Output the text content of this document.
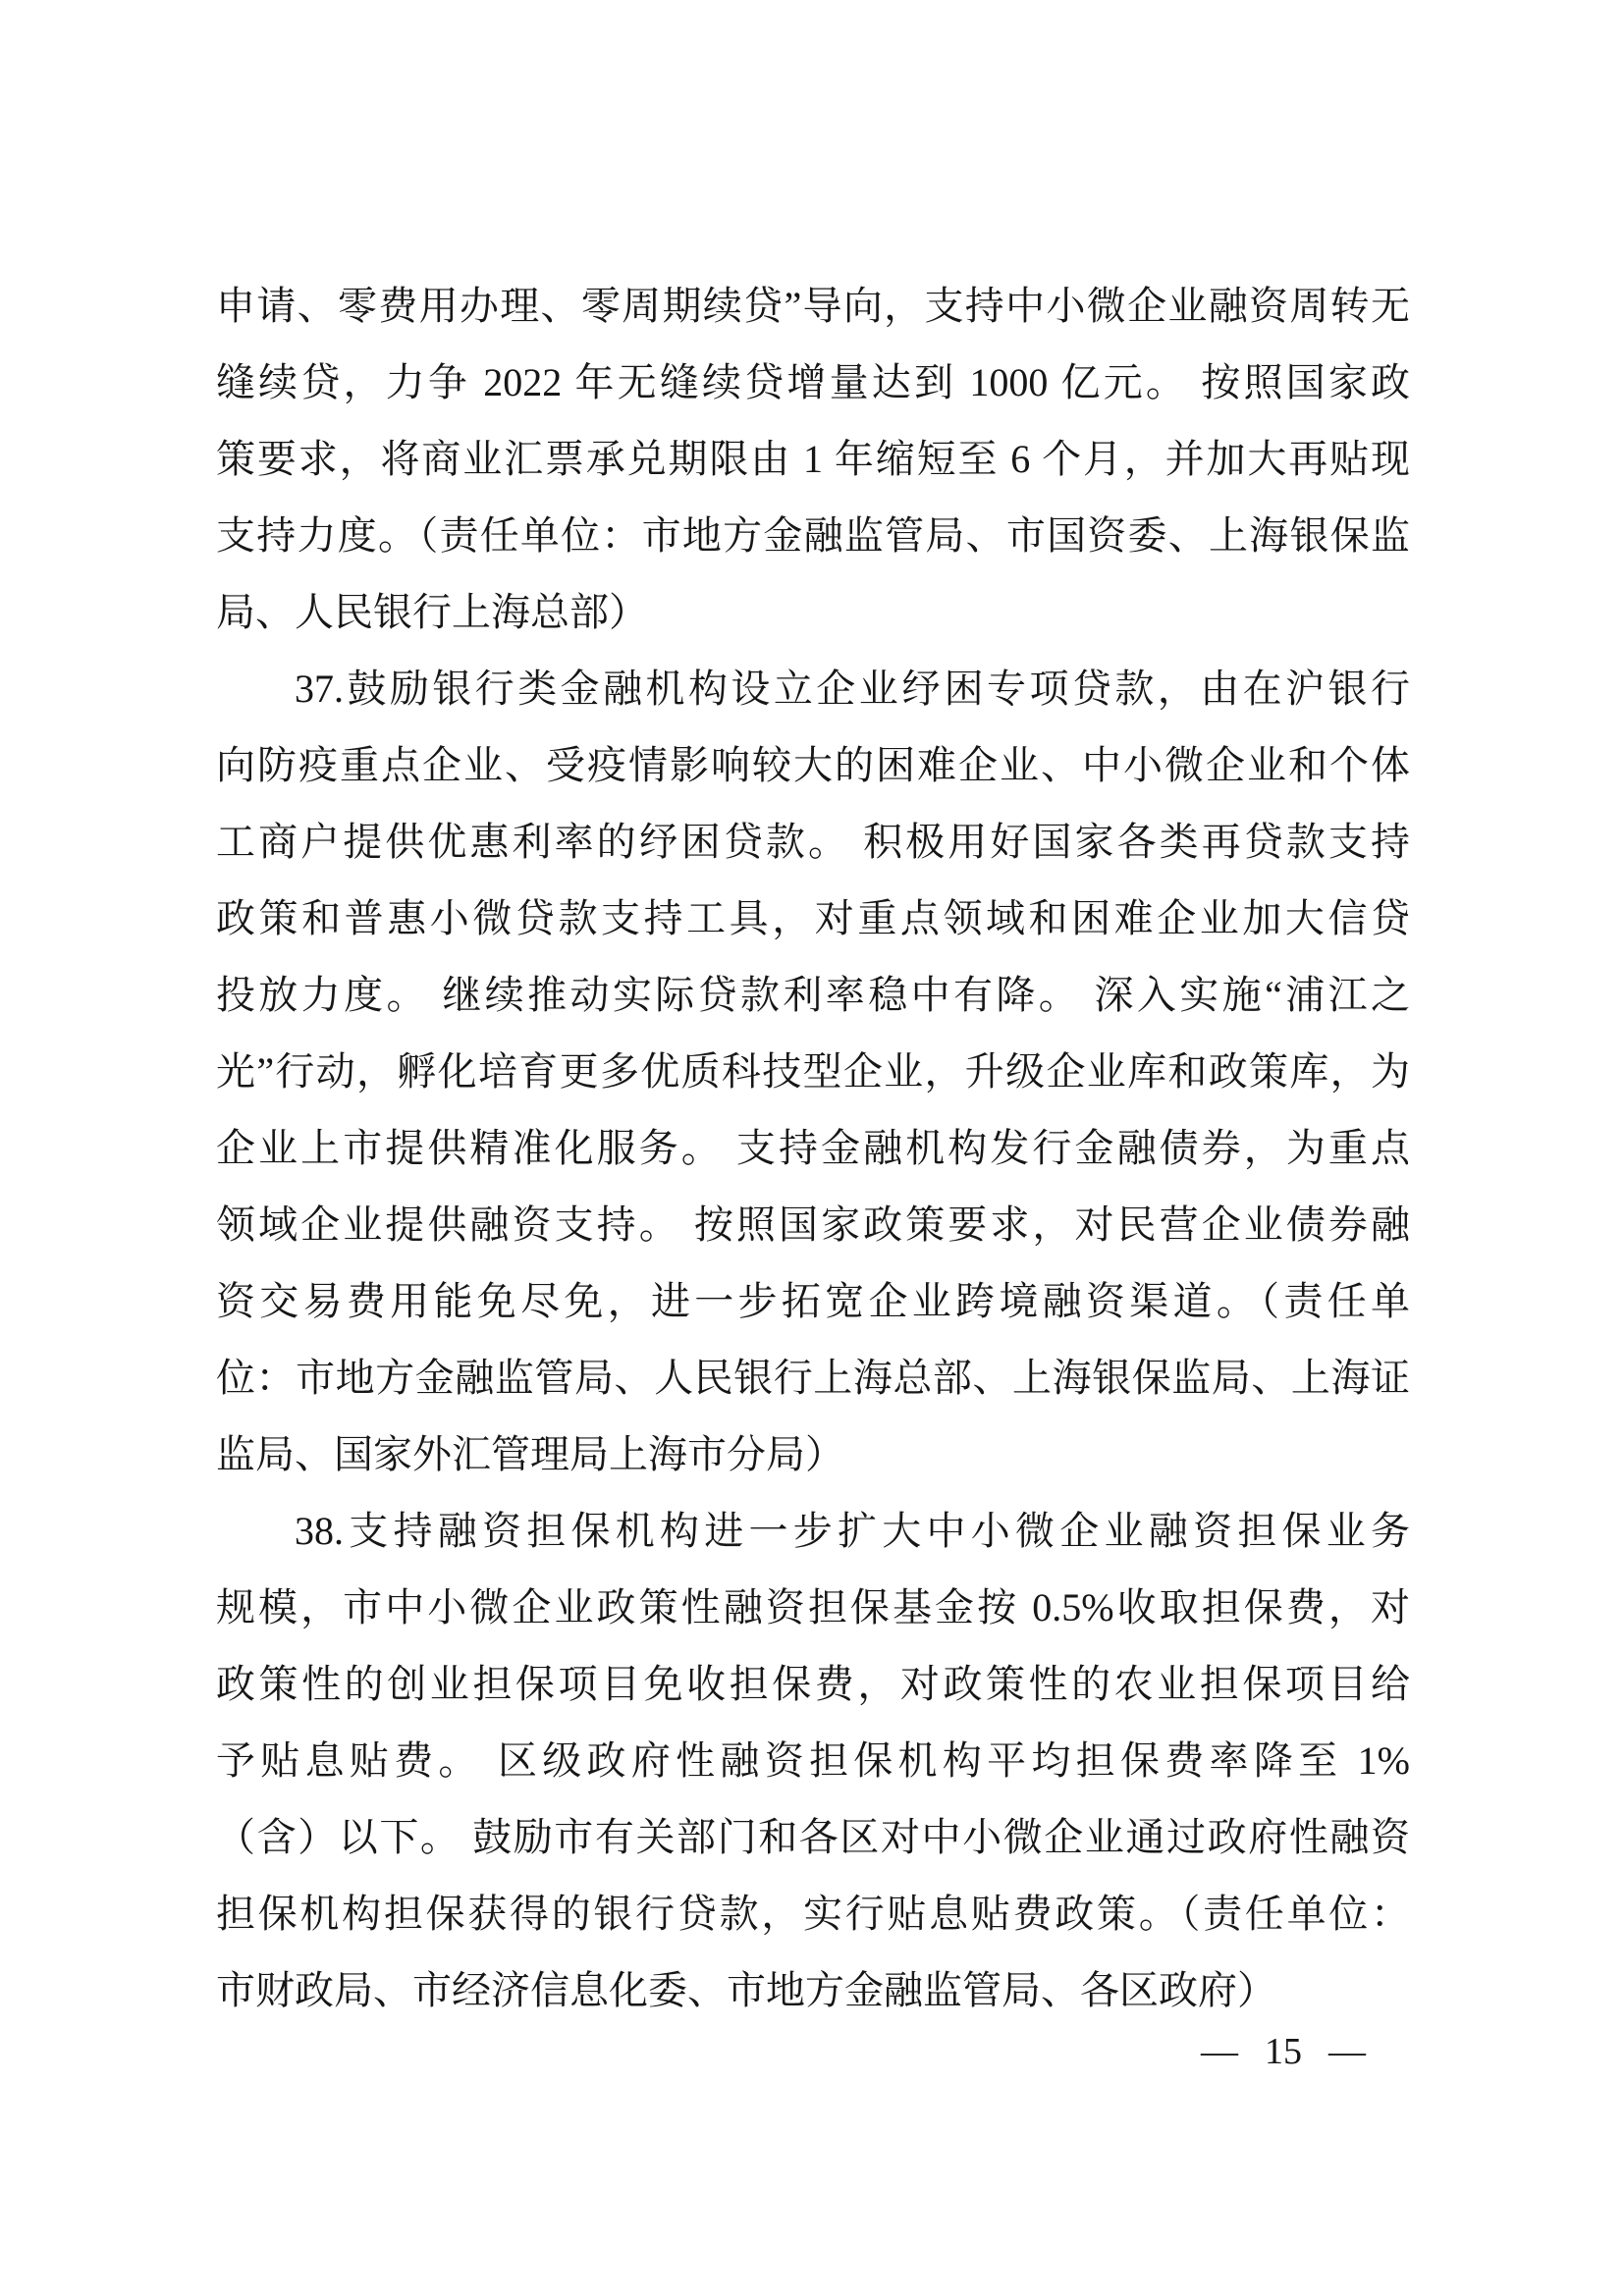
申请、零费用办理、零周期续贷”导向，支持中小微企业融资周转无
缝续贷，力争 2022 年无缝续贷增量达到 1000 亿元。 按照国家政
策要求，将商业汇票承兑期限由 1 年缩短至 6 个月，并加大再贴现
支持力度。（责任单位：市地方金融监管局、市国资委、上海银保监
局、人民银行上海总部）
37.鼓励银行类金融机构设立企业纾困专项贷款，由在沪银行
向防疫重点企业、受疫情影响较大的困难企业、中小微企业和个体
工商户提供优惠利率的纾困贷款。 积极用好国家各类再贷款支持
政策和普惠小微贷款支持工具，对重点领域和困难企业加大信贷
投放力度。 继续推动实际贷款利率稳中有降。 深入实施“浦江之
光”行动，孵化培育更多优质科技型企业，升级企业库和政策库，为
企业上市提供精准化服务。 支持金融机构发行金融债券，为重点
领域企业提供融资支持。 按照国家政策要求，对民营企业债券融
资交易费用能免尽免，进一步拓宽企业跨境融资渠道。（责任单
位：市地方金融监管局、人民银行上海总部、上海银保监局、上海证
监局、国家外汇管理局上海市分局）
38.支持融资担保机构进一步扩大中小微企业融资担保业务
规模，市中小微企业政策性融资担保基金按 0.5%收取担保费，对
政策性的创业担保项目免收担保费，对政策性的农业担保项目给
予贴息贴费。 区级政府性融资担保机构平均担保费率降至 1%
（含）以下。 鼓励市有关部门和各区对中小微企业通过政府性融资
担保机构担保获得的银行贷款，实行贴息贴费政策。（责任单位：
市财政局、市经济信息化委、市地方金融监管局、各区政府）
— 15 —
